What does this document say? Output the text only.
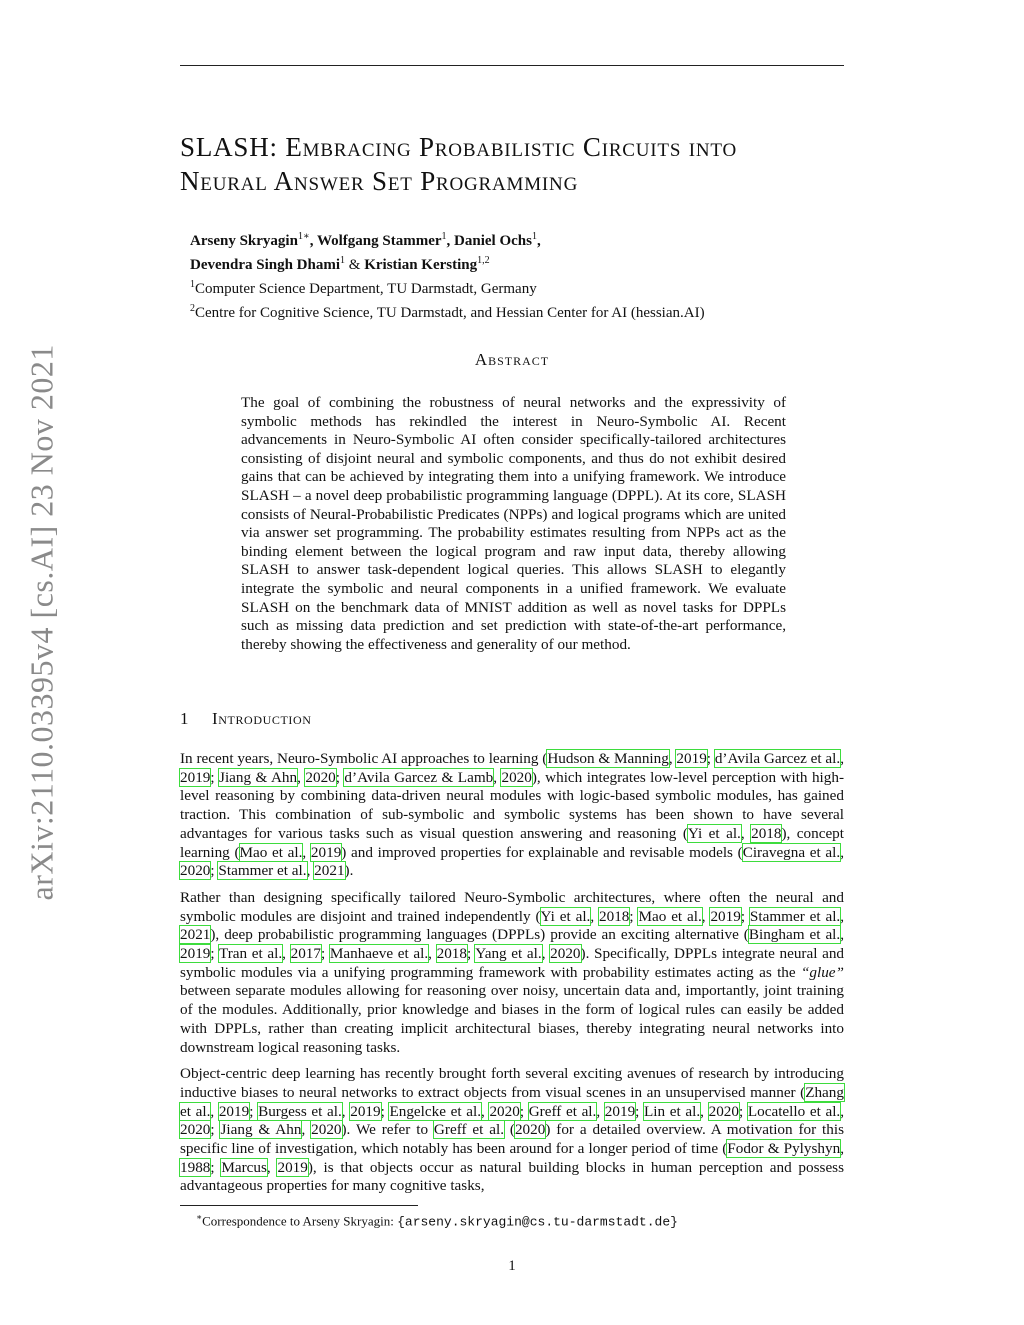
arXiv:2110.03395v4 [cs.AI] 23 Nov 2021
SLASH: Embracing Probabilistic Circuits into
Neural Answer Set Programming
Arseny Skryagin$^{1∗}$, Wolfgang Stammer$^1$, Daniel Ochs$^1$,
Devendra Singh Dhami$^1$ & Kristian Kersting$^{1,2}$
$^1$Computer Science Department, TU Darmstadt, Germany
$^2$Centre for Cognitive Science, TU Darmstadt, and Hessian Center for AI (hessian.AI)
Abstract
The goal of combining the robustness of neural networks and the expressivity of symbolic methods has rekindled the interest in Neuro-Symbolic AI. Recent advancements in Neuro-Symbolic AI often consider specifically-tailored architectures consisting of disjoint neural and symbolic components, and thus do not exhibit desired gains that can be achieved by integrating them into a unifying framework. We introduce SLASH – a novel deep probabilistic programming language (DPPL). At its core, SLASH consists of Neural-Probabilistic Predicates (NPPs) and logical programs which are united via answer set programming. The probability estimates resulting from NPPs act as the binding element between the logical program and raw input data, thereby allowing SLASH to answer task-dependent logical queries. This allows SLASH to elegantly integrate the symbolic and neural components in a unified framework. We evaluate SLASH on the benchmark data of MNIST addition as well as novel tasks for DPPLs such as missing data prediction and set prediction with state-of-the-art performance, thereby showing the effectiveness and generality of our method.
1 Introduction

In recent years, Neuro-Symbolic AI approaches to learning (Hudson & Manning, 2019; d’Avila Garcez et al., 2019; Jiang & Ahn, 2020; d’Avila Garcez & Lamb, 2020), which integrates low-level perception with high-level reasoning by combining data-driven neural modules with logic-based symbolic modules, has gained traction. This combination of sub-symbolic and symbolic systems has been shown to have several advantages for various tasks such as visual question answering and reasoning (Yi et al., 2018), concept learning (Mao et al., 2019) and improved properties for explainable and revisable models (Ciravegna et al., 2020; Stammer et al., 2021).

Rather than designing specifically tailored Neuro-Symbolic architectures, where often the neural and symbolic modules are disjoint and trained independently (Yi et al., 2018; Mao et al., 2019; Stammer et al., 2021), deep probabilistic programming languages (DPPLs) provide an exciting alternative (Bingham et al., 2019; Tran et al., 2017; Manhaeve et al., 2018; Yang et al., 2020). Specifically, DPPLs integrate neural and symbolic modules via a unifying programming framework with probability estimates acting as the “glue” between separate modules allowing for reasoning over noisy, uncertain data and, importantly, joint training of the modules. Additionally, prior knowledge and biases in the form of logical rules can easily be added with DPPLs, rather than creating implicit architectural biases, thereby integrating neural networks into downstream logical reasoning tasks.

Object-centric deep learning has recently brought forth several exciting avenues of research by introducing inductive biases to neural networks to extract objects from visual scenes in an unsupervised manner (Zhang et al., 2019; Burgess et al., 2019; Engelcke et al., 2020; Greff et al., 2019; Lin et al., 2020; Locatello et al., 2020; Jiang & Ahn, 2020). We refer to Greff et al. (2020) for a detailed overview. A motivation for this specific line of investigation, which notably has been around for a longer period of time (Fodor & Pylyshyn, 1988; Marcus, 2019), is that objects occur as natural building blocks in human perception and possess advantageous properties for many cognitive tasks,

∗Correspondence to Arseny Skryagin: {arseny.skryagin@cs.tu-darmstadt.de}
1
